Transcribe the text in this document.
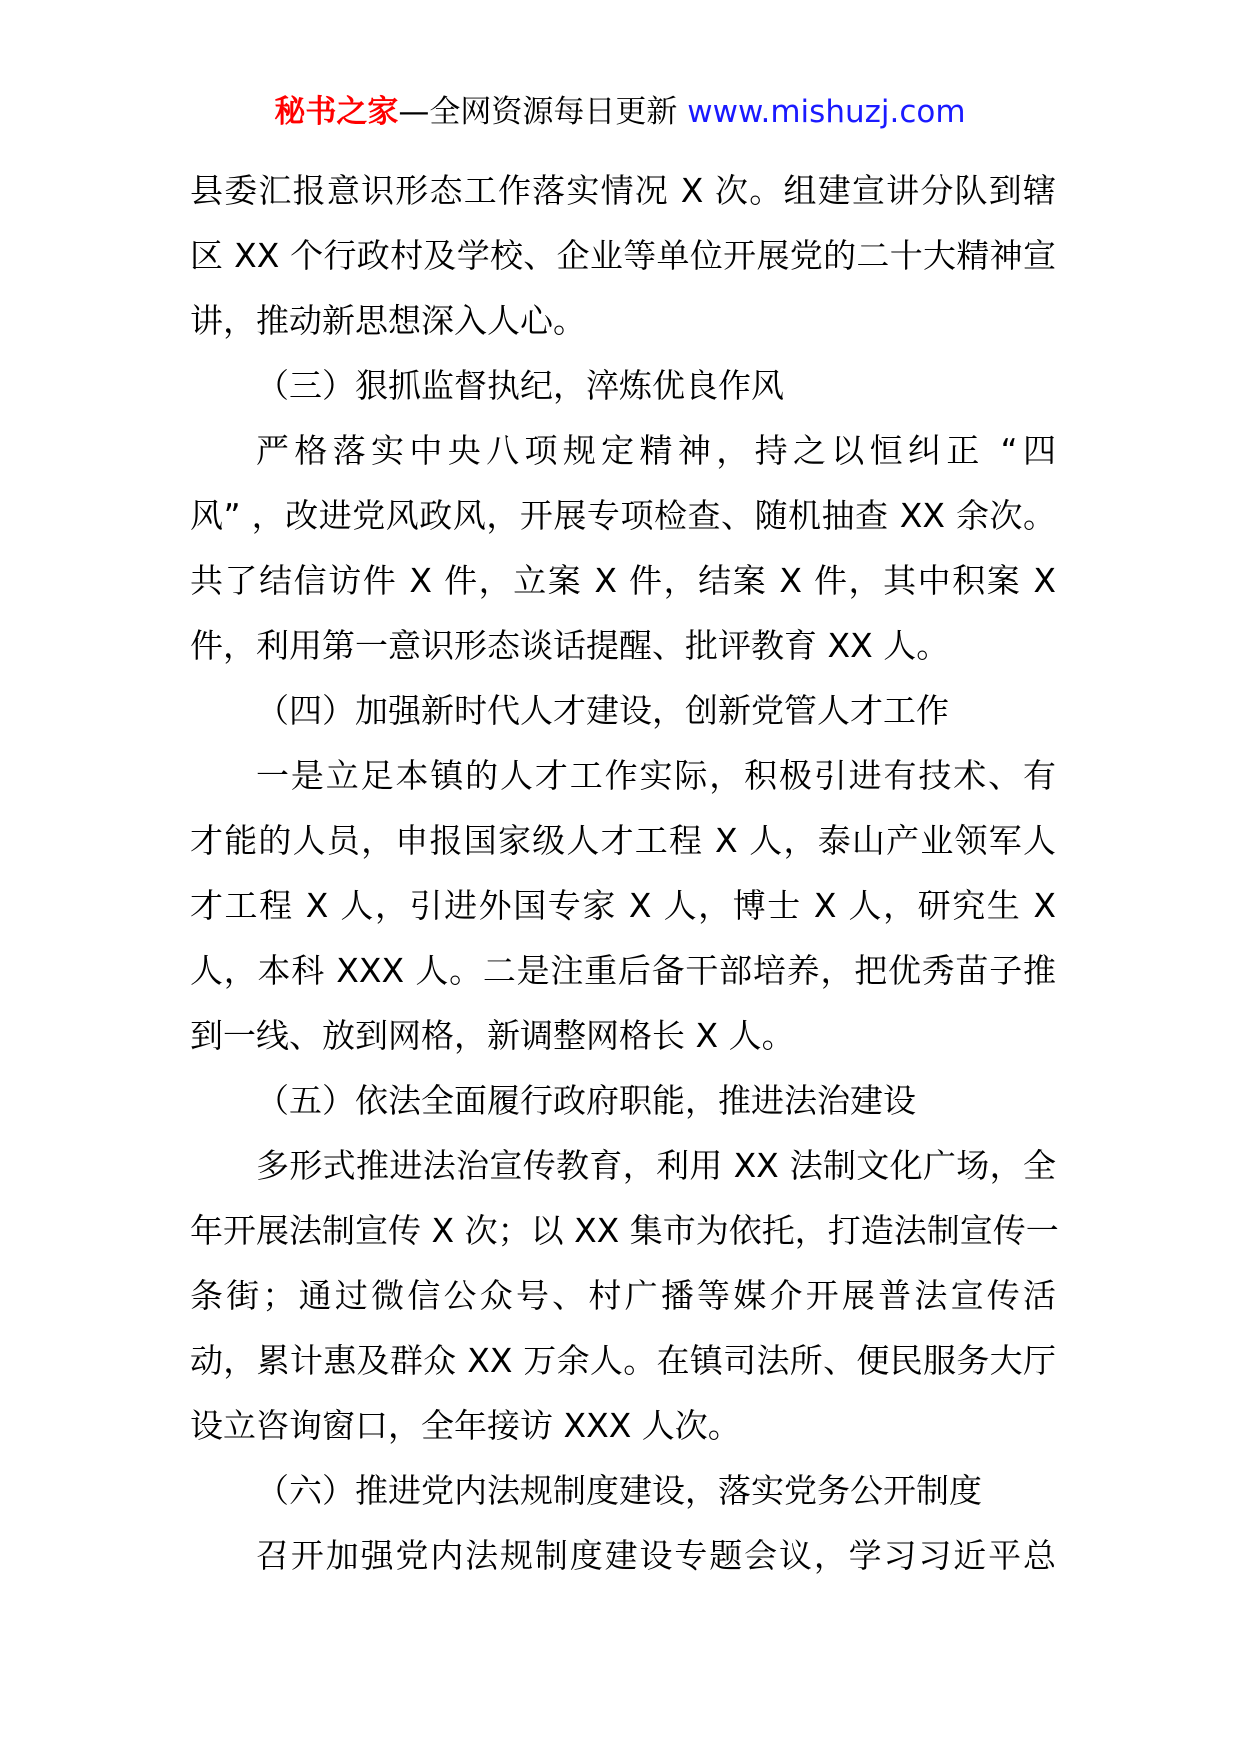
秘书之家—全网资源每日更新 www.mishuzj.com
县委汇报意识形态工作落实情况 X 次。组建宣讲分队到辖
区 XX 个行政村及学校、企业等单位开展党的二十大精神宣
讲，推动新思想深入人心。
（三）狠抓监督执纪，淬炼优良作风
严格落实中央八项规定精神，持之以恒纠正 “四
风” ，改进党风政风，开展专项检查、随机抽查 XX 余次。
共了结信访件 X 件，立案 X 件，结案 X 件，其中积案 X
件，利用第一意识形态谈话提醒、批评教育 XX 人。
（四）加强新时代人才建设，创新党管人才工作
一是立足本镇的人才工作实际，积极引进有技术、有
才能的人员，申报国家级人才工程 X 人，泰山产业领军人
才工程 X 人，引进外国专家 X 人，博士 X 人，研究生 X
人，本科 XXX 人。二是注重后备干部培养，把优秀苗子推
到一线、放到网格，新调整网格长 X 人。
（五）依法全面履行政府职能，推进法治建设
多形式推进法治宣传教育，利用 XX 法制文化广场，全
年开展法制宣传 X 次；以 XX 集市为依托，打造法制宣传一
条街；通过微信公众号、村广播等媒介开展普法宣传活
动，累计惠及群众 XX 万余人。在镇司法所、便民服务大厅
设立咨询窗口，全年接访 XXX 人次。
（六）推进党内法规制度建设，落实党务公开制度
召开加强党内法规制度建设专题会议，学习习近平总
